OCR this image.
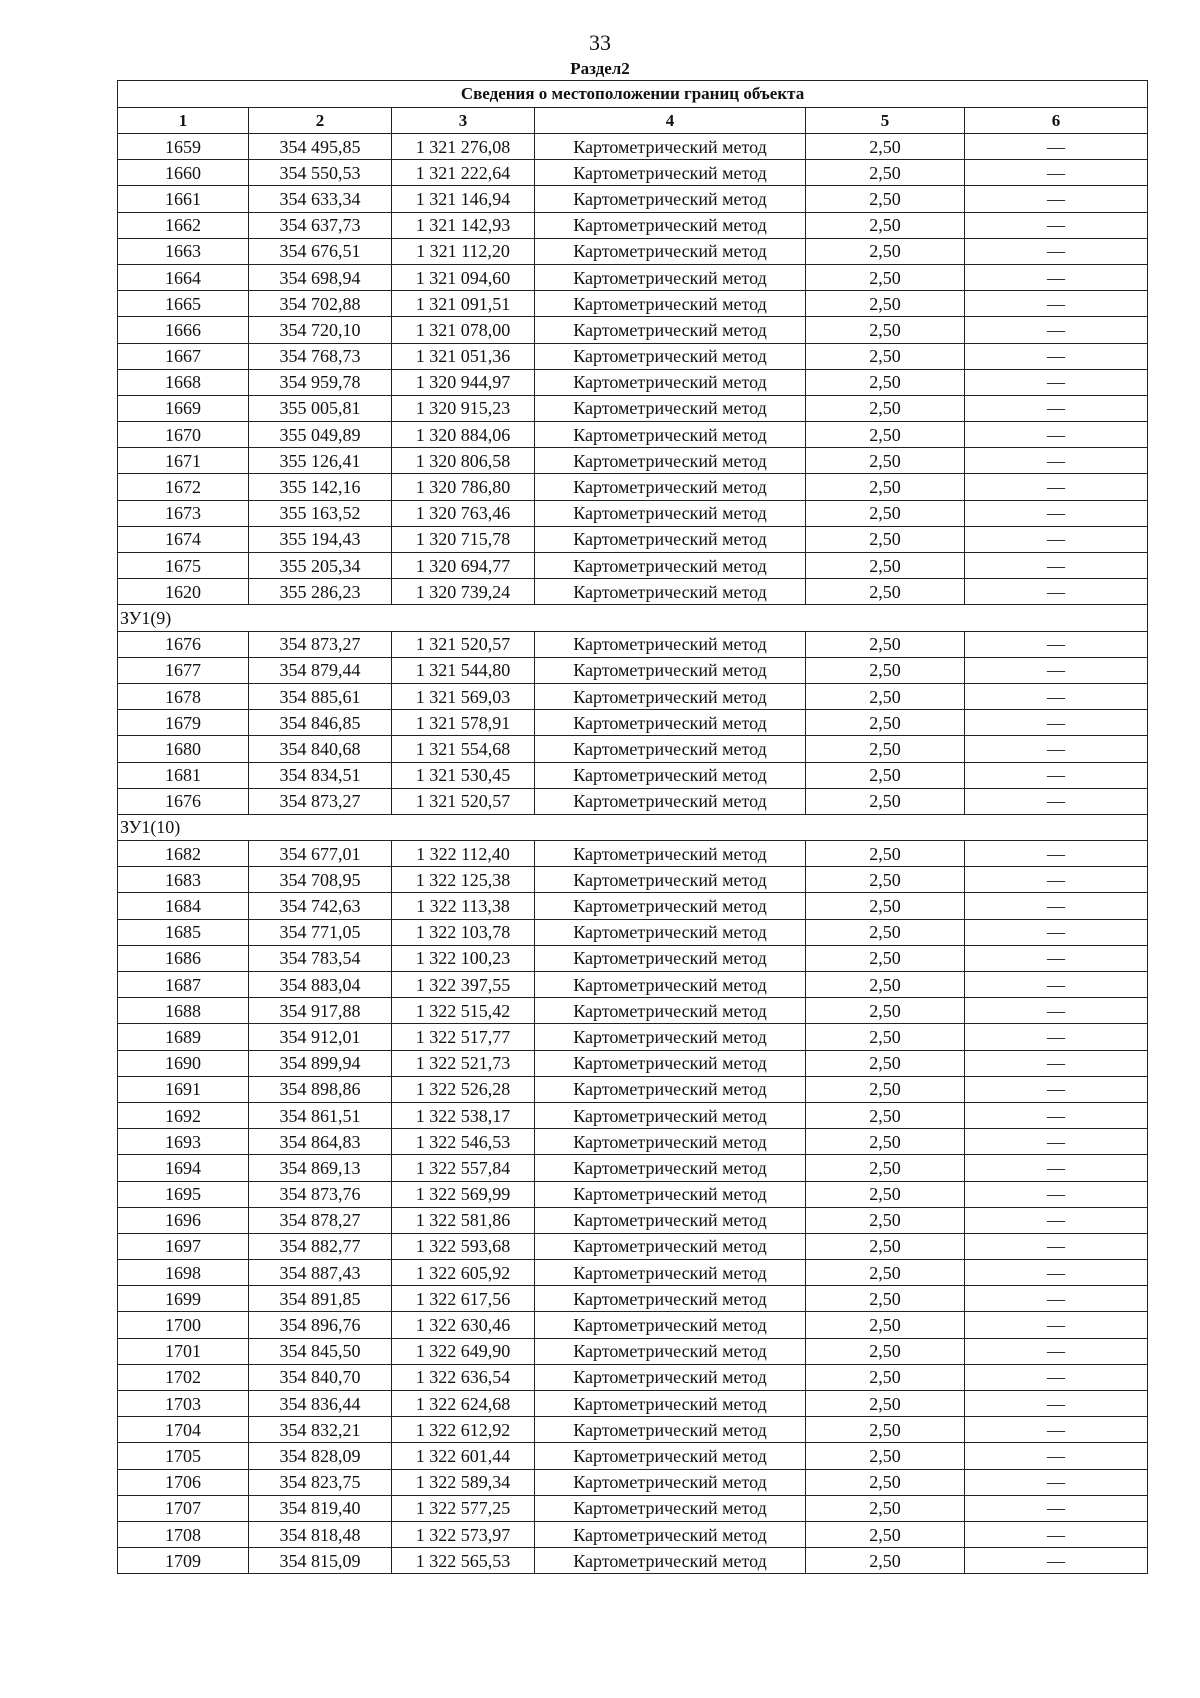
33
Раздел2
Сведения о местоположении границ объекта					
1	2	3	4	5	6
1659	354 495,85	1 321 276,08	Картометрический метод	2,50	—
1660	354 550,53	1 321 222,64	Картометрический метод	2,50	—
1661	354 633,34	1 321 146,94	Картометрический метод	2,50	—
1662	354 637,73	1 321 142,93	Картометрический метод	2,50	—
1663	354 676,51	1 321 112,20	Картометрический метод	2,50	—
1664	354 698,94	1 321 094,60	Картометрический метод	2,50	—
1665	354 702,88	1 321 091,51	Картометрический метод	2,50	—
1666	354 720,10	1 321 078,00	Картометрический метод	2,50	—
1667	354 768,73	1 321 051,36	Картометрический метод	2,50	—
1668	354 959,78	1 320 944,97	Картометрический метод	2,50	—
1669	355 005,81	1 320 915,23	Картометрический метод	2,50	—
1670	355 049,89	1 320 884,06	Картометрический метод	2,50	—
1671	355 126,41	1 320 806,58	Картометрический метод	2,50	—
1672	355 142,16	1 320 786,80	Картометрический метод	2,50	—
1673	355 163,52	1 320 763,46	Картометрический метод	2,50	—
1674	355 194,43	1 320 715,78	Картометрический метод	2,50	—
1675	355 205,34	1 320 694,77	Картометрический метод	2,50	—
1620	355 286,23	1 320 739,24	Картометрический метод	2,50	—
ЗУ1(9)					
1676	354 873,27	1 321 520,57	Картометрический метод	2,50	—
1677	354 879,44	1 321 544,80	Картометрический метод	2,50	—
1678	354 885,61	1 321 569,03	Картометрический метод	2,50	—
1679	354 846,85	1 321 578,91	Картометрический метод	2,50	—
1680	354 840,68	1 321 554,68	Картометрический метод	2,50	—
1681	354 834,51	1 321 530,45	Картометрический метод	2,50	—
1676	354 873,27	1 321 520,57	Картометрический метод	2,50	—
ЗУ1(10)					
1682	354 677,01	1 322 112,40	Картометрический метод	2,50	—
1683	354 708,95	1 322 125,38	Картометрический метод	2,50	—
1684	354 742,63	1 322 113,38	Картометрический метод	2,50	—
1685	354 771,05	1 322 103,78	Картометрический метод	2,50	—
1686	354 783,54	1 322 100,23	Картометрический метод	2,50	—
1687	354 883,04	1 322 397,55	Картометрический метод	2,50	—
1688	354 917,88	1 322 515,42	Картометрический метод	2,50	—
1689	354 912,01	1 322 517,77	Картометрический метод	2,50	—
1690	354 899,94	1 322 521,73	Картометрический метод	2,50	—
1691	354 898,86	1 322 526,28	Картометрический метод	2,50	—
1692	354 861,51	1 322 538,17	Картометрический метод	2,50	—
1693	354 864,83	1 322 546,53	Картометрический метод	2,50	—
1694	354 869,13	1 322 557,84	Картометрический метод	2,50	—
1695	354 873,76	1 322 569,99	Картометрический метод	2,50	—
1696	354 878,27	1 322 581,86	Картометрический метод	2,50	—
1697	354 882,77	1 322 593,68	Картометрический метод	2,50	—
1698	354 887,43	1 322 605,92	Картометрический метод	2,50	—
1699	354 891,85	1 322 617,56	Картометрический метод	2,50	—
1700	354 896,76	1 322 630,46	Картометрический метод	2,50	—
1701	354 845,50	1 322 649,90	Картометрический метод	2,50	—
1702	354 840,70	1 322 636,54	Картометрический метод	2,50	—
1703	354 836,44	1 322 624,68	Картометрический метод	2,50	—
1704	354 832,21	1 322 612,92	Картометрический метод	2,50	—
1705	354 828,09	1 322 601,44	Картометрический метод	2,50	—
1706	354 823,75	1 322 589,34	Картометрический метод	2,50	—
1707	354 819,40	1 322 577,25	Картометрический метод	2,50	—
1708	354 818,48	1 322 573,97	Картометрический метод	2,50	—
1709	354 815,09	1 322 565,53	Картометрический метод	2,50	—
